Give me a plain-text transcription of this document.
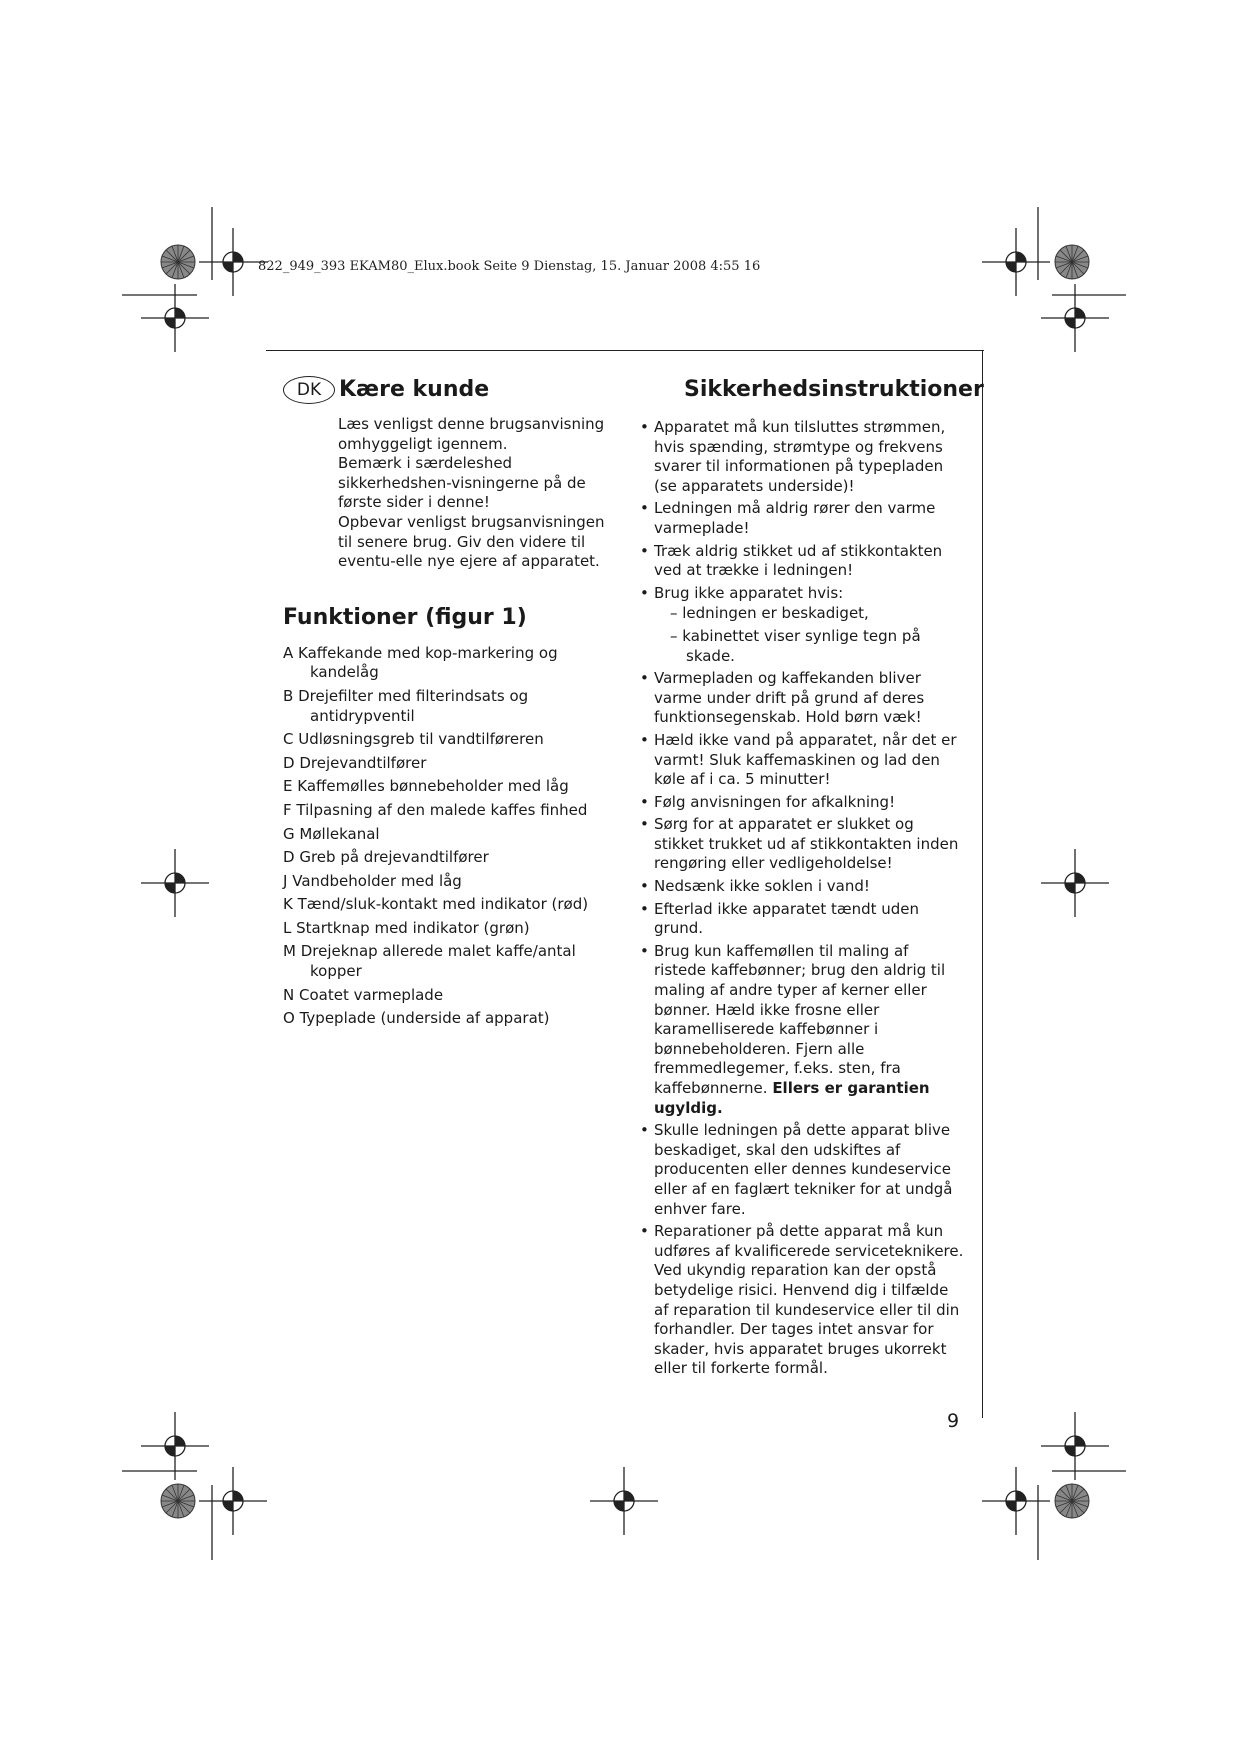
822_949_393 EKAM80_Elux.book Seite 9 Dienstag, 15. Januar 2008 4:55 16
DK Kære kunde

Læs venligst denne brugsanvisning omhyggeligt igennem.

Bemærk i særdeleshed sikkerhedshen-visningerne på de første sider i denne!

Opbevar venligst brugsanvisningen til senere brug. Giv den videre til eventu-elle nye ejere af apparatet.

Funktioner (figur 1)
A Kaffekande med kop-markering og kandelåg
B Drejefilter med filterindsats og antidrypventil
C Udløsningsgreb til vandtilføreren
D Drejevandtilfører
E Kaffemølles bønnebeholder med låg
F Tilpasning af den malede kaffes finhed
G Møllekanal
D Greb på drejevandtilfører
J Vandbeholder med låg
K Tænd/sluk-kontakt med indikator (rød)
L Startknap med indikator (grøn)
M Drejeknap allerede malet kaffe/antal kopper
N Coatet varmeplade
O Typeplade (underside af apparat)
Sikkerhedsinstruktioner
• Apparatet må kun tilsluttes strømmen, hvis spænding, strømtype og frekvens svarer til informationen på typepladen (se apparatets underside)!
• Ledningen må aldrig rører den varme varmeplade!
• Træk aldrig stikket ud af stikkontakten ved at trække i ledningen!
• Brug ikke apparatet hvis:
– ledningen er beskadiget,
– kabinettet viser synlige tegn på skade.
• Varmepladen og kaffekanden bliver varme under drift på grund af deres funktionsegenskab. Hold børn væk!
• Hæld ikke vand på apparatet, når det er varmt! Sluk kaffemaskinen og lad den køle af i ca. 5 minutter!
• Følg anvisningen for afkalkning!
• Sørg for at apparatet er slukket og stikket trukket ud af stikkontakten inden rengøring eller vedligeholdelse!
• Nedsænk ikke soklen i vand!
• Efterlad ikke apparatet tændt uden grund.
• Brug kun kaffemøllen til maling af ristede kaffebønner; brug den aldrig til maling af andre typer af kerner eller bønner. Hæld ikke frosne eller karamelliserede kaffebønner i bønnebeholderen. Fjern alle fremmedlegemer, f.eks. sten, fra kaffebønnerne. Ellers er garantien ugyldig.
• Skulle ledningen på dette apparat blive beskadiget, skal den udskiftes af producenten eller dennes kundeservice eller af en faglært tekniker for at undgå enhver fare.
• Reparationer på dette apparat må kun udføres af kvalificerede serviceteknikere. Ved ukyndig reparation kan der opstå betydelige risici. Henvend dig i tilfælde af reparation til kundeservice eller til din forhandler. Der tages intet ansvar for skader, hvis apparatet bruges ukorrekt eller til forkerte formål.
9
